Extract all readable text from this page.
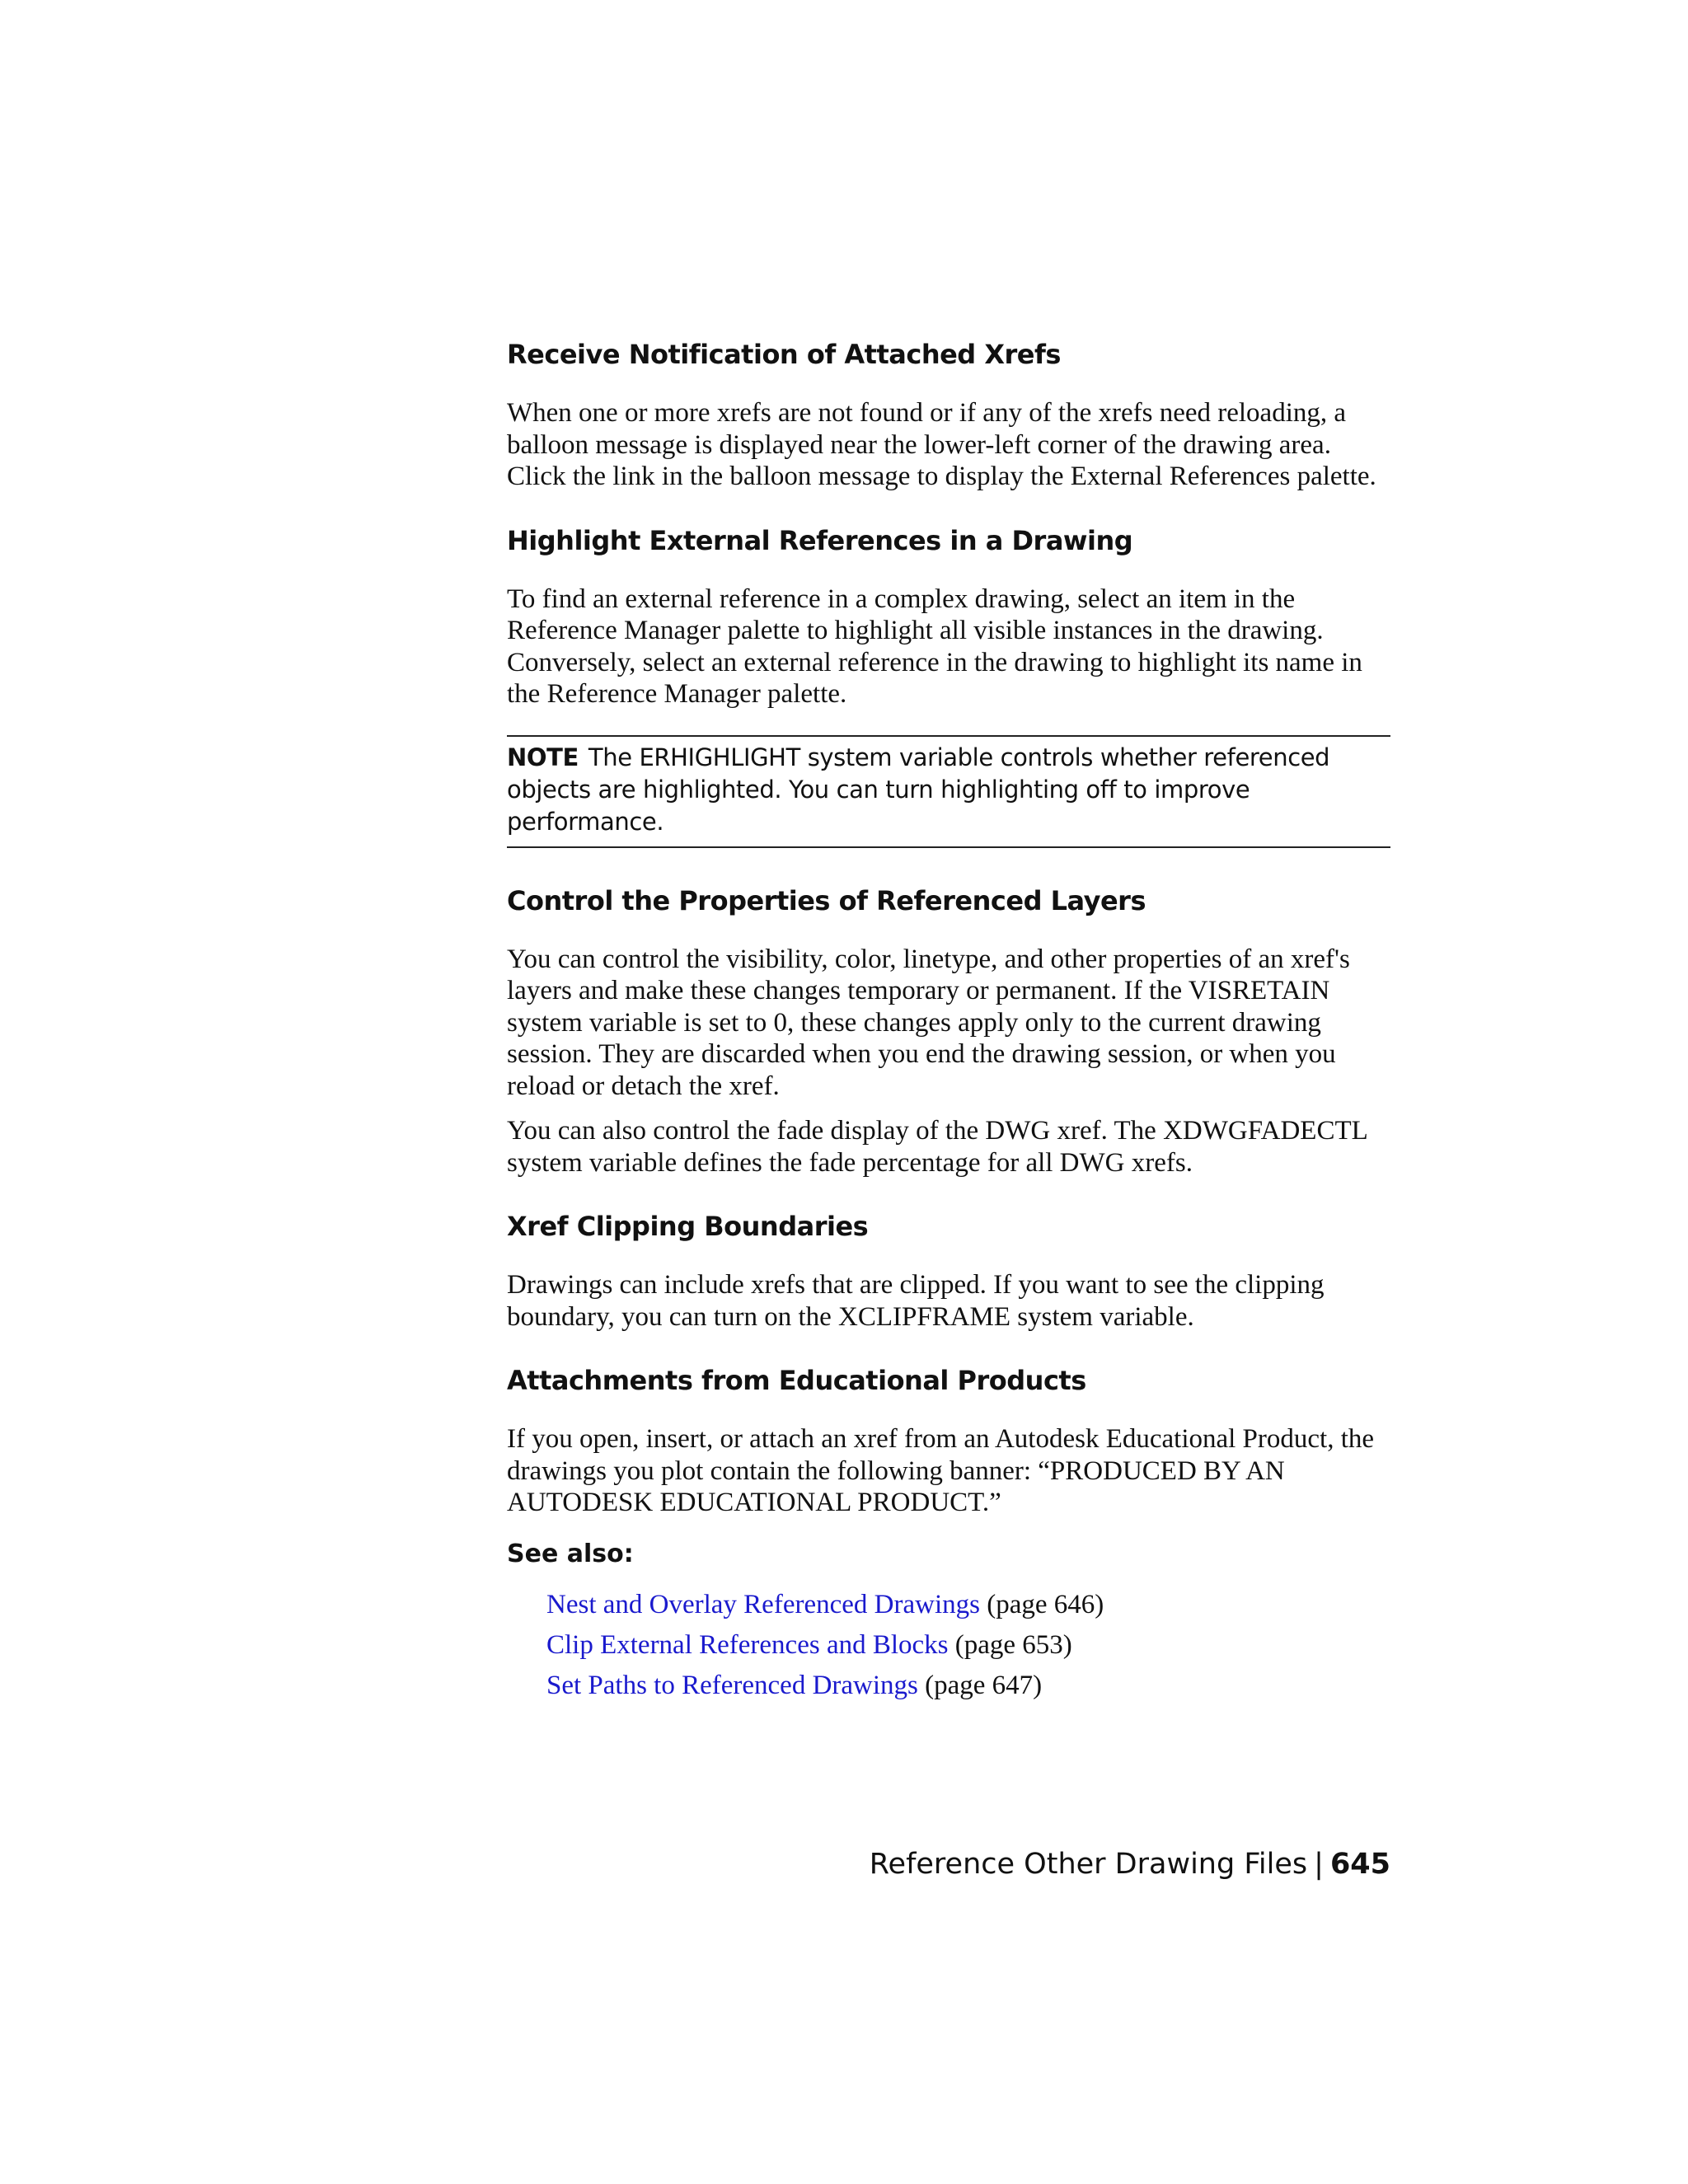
Receive Notification of Attached Xrefs

When one or more xrefs are not found or if any of the xrefs need reloading, a balloon message is displayed near the lower-left corner of the drawing area. Click the link in the balloon message to display the External References palette.

Highlight External References in a Drawing

To find an external reference in a complex drawing, select an item in the Reference Manager palette to highlight all visible instances in the drawing. Conversely, select an external reference in the drawing to highlight its name in the Reference Manager palette.

NOTE The ERHIGHLIGHT system variable controls whether referenced objects are highlighted. You can turn highlighting off to improve performance.
Control the Properties of Referenced Layers

You can control the visibility, color, linetype, and other properties of an xref's layers and make these changes temporary or permanent. If the VISRETAIN system variable is set to 0, these changes apply only to the current drawing session. They are discarded when you end the drawing session, or when you reload or detach the xref.

You can also control the fade display of the DWG xref. The XDWGFADECTL system variable defines the fade percentage for all DWG xrefs.

Xref Clipping Boundaries

Drawings can include xrefs that are clipped. If you want to see the clipping boundary, you can turn on the XCLIPFRAME system variable.

Attachments from Educational Products

If you open, insert, or attach an xref from an Autodesk Educational Product, the drawings you plot contain the following banner: “PRODUCED BY AN AUTODESK EDUCATIONAL PRODUCT.”

See also:
Nest and Overlay Referenced Drawings (page 646)
Clip External References and Blocks (page 653)
Set Paths to Referenced Drawings (page 647)
Reference Other Drawing Files | 645
